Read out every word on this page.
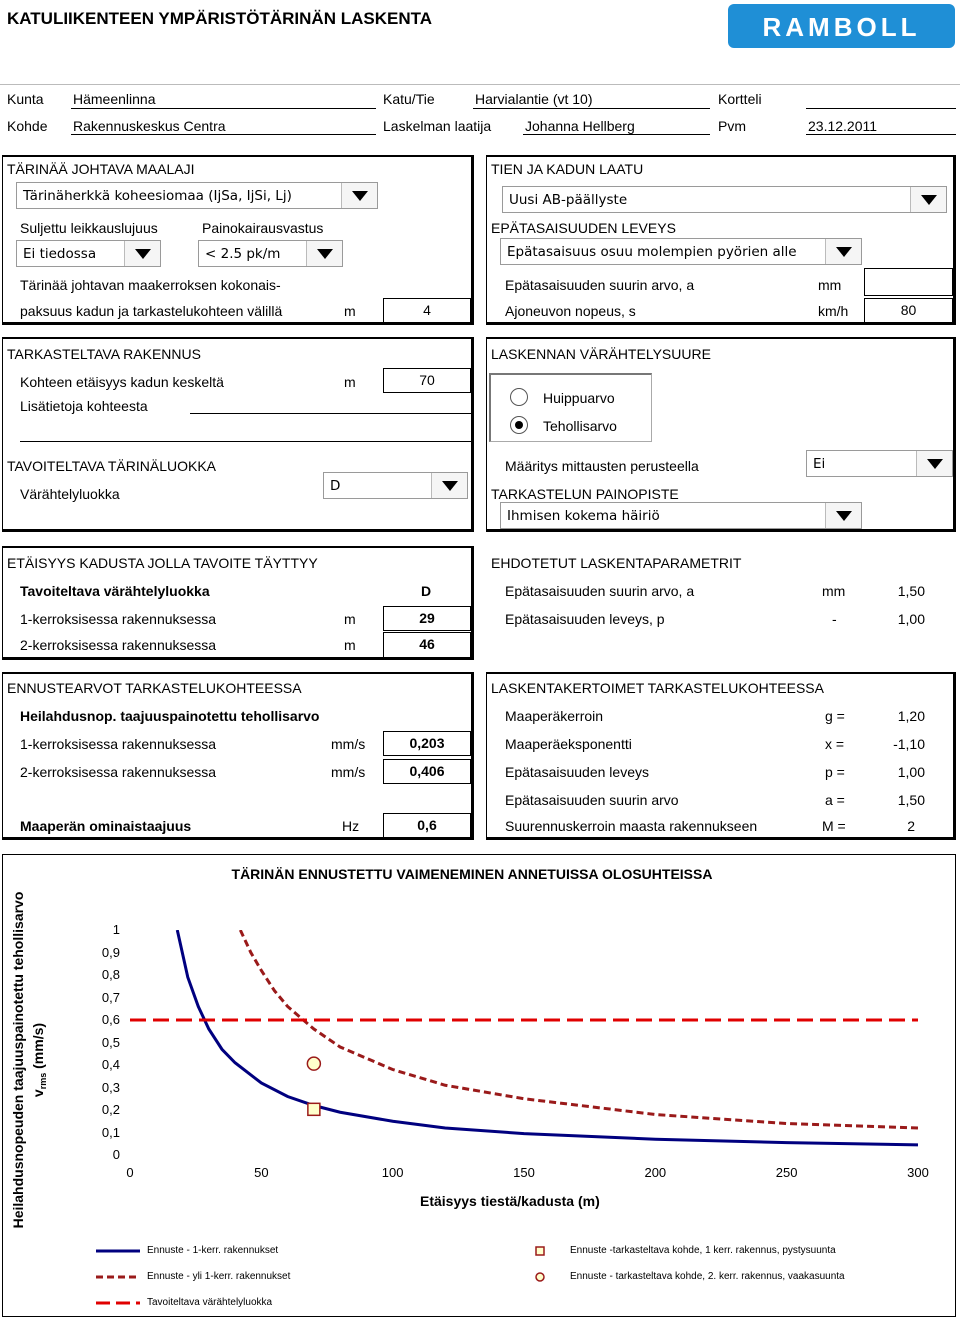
KATULIIKENTEEN YMPÄRISTÖTÄRINÄN LASKENTA	RAMBOLL
Kunta Hämeenlinna	Katu/Tie	Harvialantie (vt 10)	Kortteli
Kohde Rakennuskeskus Centra	Laskelman laatija Johanna Hellberg	Pvm	23.12.2011
TÄRINÄÄ JOHTAVA MAALAJI
Tärinäherkkä koheesiomaa (IjSa, IjSi, Lj)
Suljettu leikkauslujuus	Painokairausvastus
Ei tiedossa	< 2.5 pk/m
Tärinää johtavan maakerroksen kokonais-
paksuus kadun ja tarkastelukohteen välillä	m	4
TIEN JA KADUN LAATU
Uusi AB-päällyste
EPÄTASAISUUDEN LEVEYS
Epätasaisuus osuu molempien pyörien alle
Epätasaisuuden suurin arvo, a	mm
Ajoneuvon nopeus, s	km/h	80
TARKASTELTAVA RAKENNUS
Kohteen etäisyys kadun keskeltä	m	70
Lisätietoja kohteesta
TAVOITELTAVA TÄRINÄLUOKKA
Värähtelyluokka	D
LASKENNAN VÄRÄHTELYSUURE
Huippuarvo
Tehollisarvo
Määritys mittausten perusteella	Ei
TARKASTELUN PAINOPISTE
Ihmisen kokema häiriö
ETÄISYYS KADUSTA JOLLA TAVOITE TÄYTTYY
Tavoiteltava värähtelyluokka	D
1-kerroksisessa rakennuksessa	m	29
2-kerroksisessa rakennuksessa	m	46
EHDOTETUT LASKENTAPARAMETRIT
Epätasaisuuden suurin arvo, a	mm	1,50
Epätasaisuuden leveys, p	-	1,00
ENNUSTEARVOT TARKASTELUKOHTEESSA
Heilahdusnop. taajuuspainotettu tehollisarvo
1-kerroksisessa rakennuksessa	mm/s	0,203
2-kerroksisessa rakennuksessa	mm/s	0,406
Maaperän ominaistaajuus	Hz	0,6
LASKENTAKERTOIMET TARKASTELUKOHTEESSA
Maaperäkerroin	g =	1,20
Maaperäeksponentti	x =	-1,10
Epätasaisuuden leveys	p =	1,00
Epätasaisuuden suurin arvo	a =	1,50
Suurennuskerroin maasta rakennukseen	M =	2
TÄRINÄN ENNUSTETTU VAIMENEMINEN ANNETUISSA OLOSUHTEISSA
Heilahdusnopeuden taajuuspainotettu tehollisarvo $v_{rms}$ (mm/s)
Etäisyys tiestä/kadusta (m)
Ennuste - 1-kerr. rakennukset
Ennuste - yli 1-kerr. rakennukset
Tavoiteltava värähtelyluokka
Ennuste -tarkasteltava kohde, 1 kerr. rakennus, pystysuunta
Ennuste - tarkasteltava kohde, 2. kerr. rakennus, vaakasuunta
0
0,1
0,2
0,3
0,4
0,5
0,6
0,7
0,8
0,9
1
0	50	100	150	200	250	300
